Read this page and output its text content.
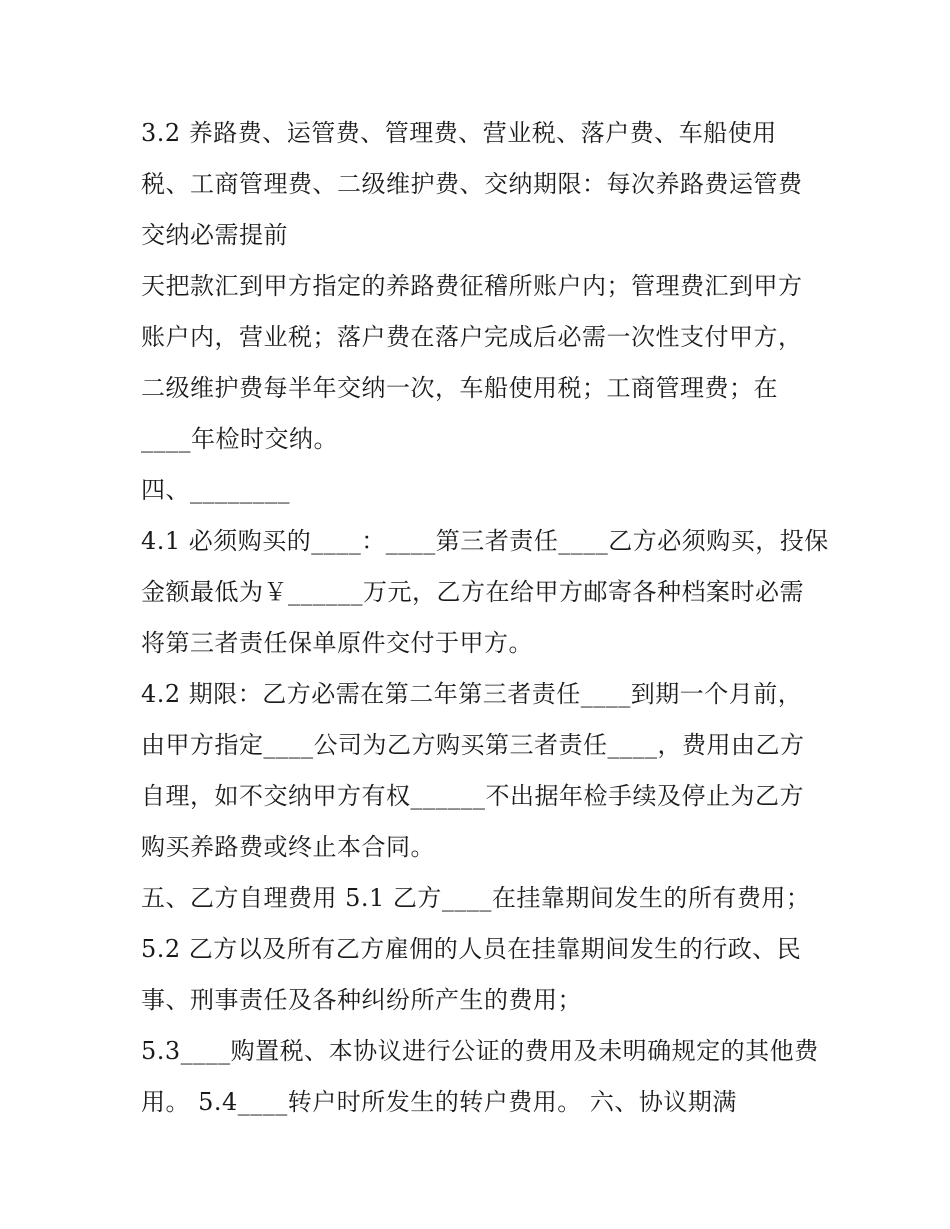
3.2 养路费、运管费、管理费、营业税、落户费、车船使用
税、工商管理费、二级维护费、交纳期限：每次养路费运管费
交纳必需提前
天把款汇到甲方指定的养路费征稽所账户内；管理费汇到甲方
账户内，营业税；落户费在落户完成后必需一次性支付甲方，
二级维护费每半年交纳一次，车船使用税；工商管理费；在
____年检时交纳。
四、________
4.1 必须购买的____：____第三者责任____乙方必须购买，投保
金额最低为￥______万元，乙方在给甲方邮寄各种档案时必需
将第三者责任保单原件交付于甲方。
4.2 期限：乙方必需在第二年第三者责任____到期一个月前，
由甲方指定____公司为乙方购买第三者责任____，费用由乙方
自理，如不交纳甲方有权______不出据年检手续及停止为乙方
购买养路费或终止本合同。
五、乙方自理费用 5.1 乙方____在挂靠期间发生的所有费用；
5.2 乙方以及所有乙方雇佣的人员在挂靠期间发生的行政、民
事、刑事责任及各种纠纷所产生的费用；
5.3____购置税、本协议进行公证的费用及未明确规定的其他费
用。 5.4____转户时所发生的转户费用。 六、协议期满
